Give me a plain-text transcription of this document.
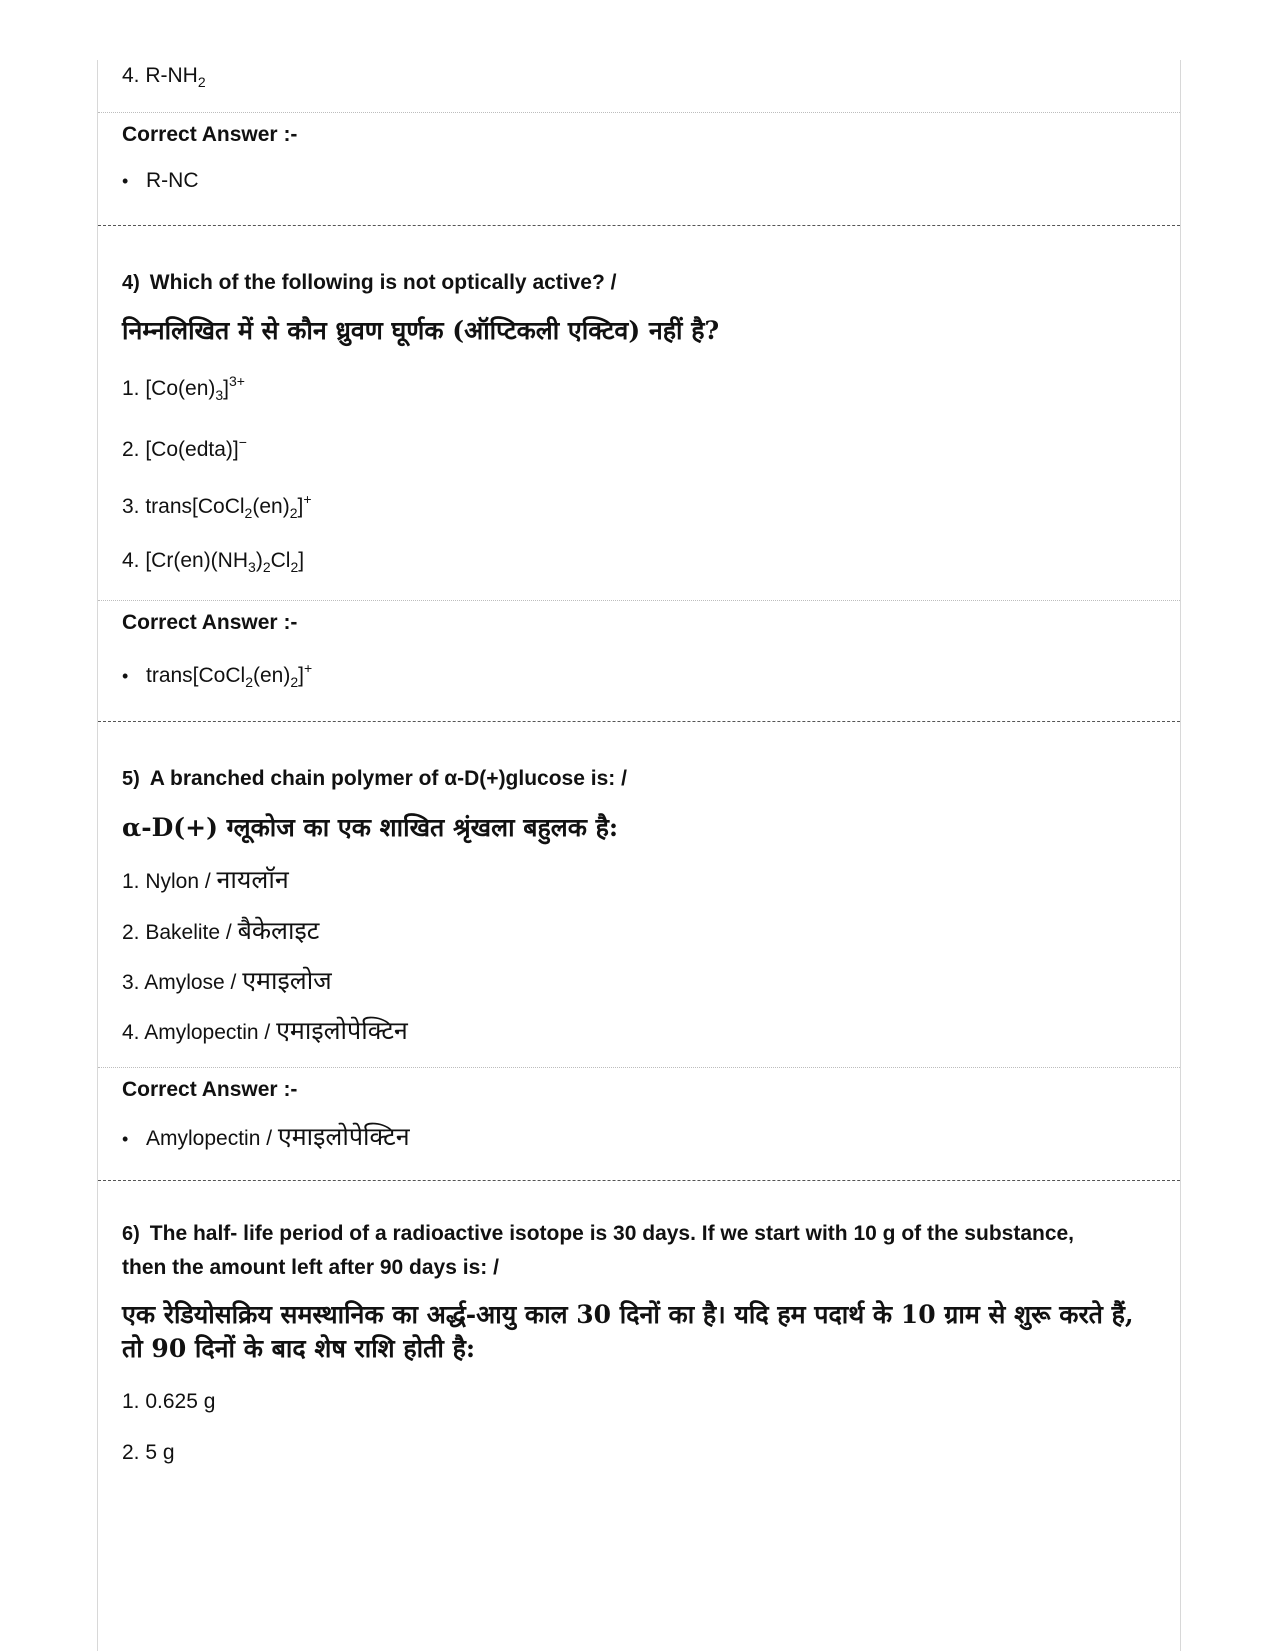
4. $R-NH_2$
Correct Answer :-
• R-NC
4) Which of the following is not optically active? /
निम्नलिखित में से कौन ध्रुवण घूर्णक (ऑप्टिकली एक्टिव) नहीं है?
1. $[Co(en)_3]^{3+}$
2. [Co(edta)]−
3. $trans[CoCl_2(en)_2]^+$
4. $[Cr(en)(NH_3)_2Cl_2]$
Correct Answer :-
• $trans[CoCl_2(en)_2]^+$
5) A branched chain polymer of α-D(+)glucose is: /
α-D(+) ग्लूकोज का एक शाखित श्रृंखला बहुलक है:
1. Nylon / नायलॉन
2. Bakelite / बैकेलाइट
3. Amylose / एमाइलोज
4. Amylopectin / एमाइलोपेक्टिन
Correct Answer :-
• Amylopectin / एमाइलोपेक्टिन
6) The half- life period of a radioactive isotope is 30 days. If we start with 10 g of the substance, then the amount left after 90 days is: /
एक रेडियोसक्रिय समस्थानिक का अर्द्ध-आयु काल 30 दिनों का है। यदि हम पदार्थ के 10 ग्राम से शुरू करते हैं, तो 90 दिनों के बाद शेष राशि होती है:
1. 0.625 g
2. 5 g
